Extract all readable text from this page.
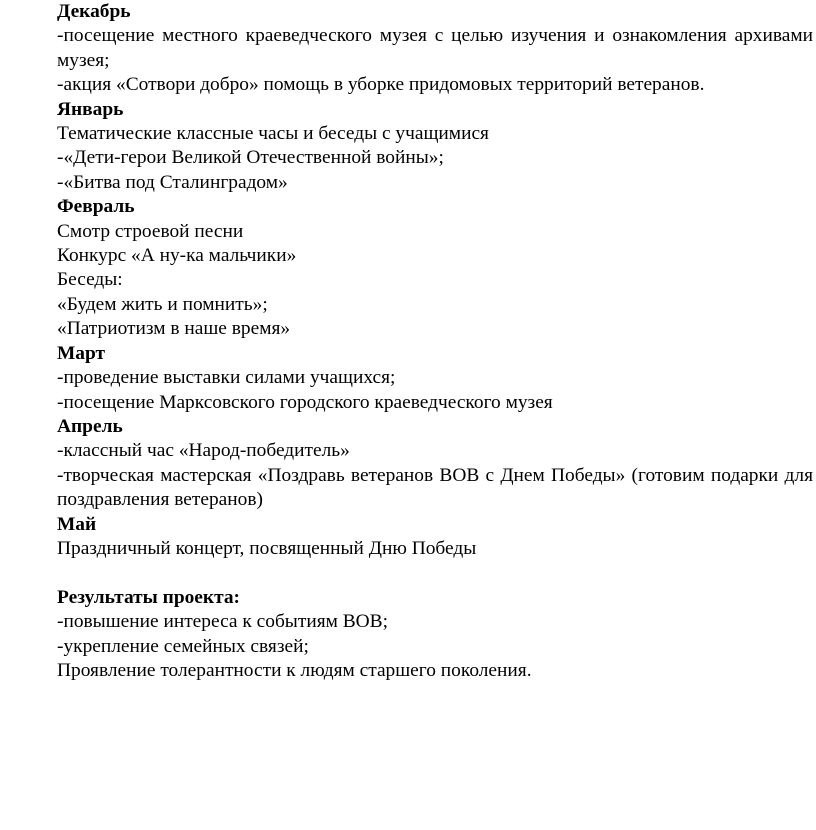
Декабрь

-посещение местного краеведческого музея с целью изучения и ознакомления архивами музея;

-акция «Сотвори добро» помощь в уборке придомовых территорий ветеранов.

Январь

Тематические классные часы и беседы с учащимися

-«Дети-герои Великой Отечественной войны»;

-«Битва под Сталинградом»

Февраль

Смотр строевой песни

Конкурс «А ну-ка мальчики»

Беседы:

«Будем жить и помнить»;

«Патриотизм в наше время»

Март

-проведение выставки силами учащихся;

-посещение Марксовского городского краеведческого музея

Апрель

-классный час «Народ-победитель»

-творческая мастерская «Поздравь ветеранов ВОВ с Днем Победы» (готовим подарки для поздравления ветеранов)

Май

Праздничный концерт, посвященный Дню Победы

Результаты проекта:

-повышение интереса к событиям ВОВ;

-укрепление семейных связей;

Проявление толерантности к людям старшего поколения.
